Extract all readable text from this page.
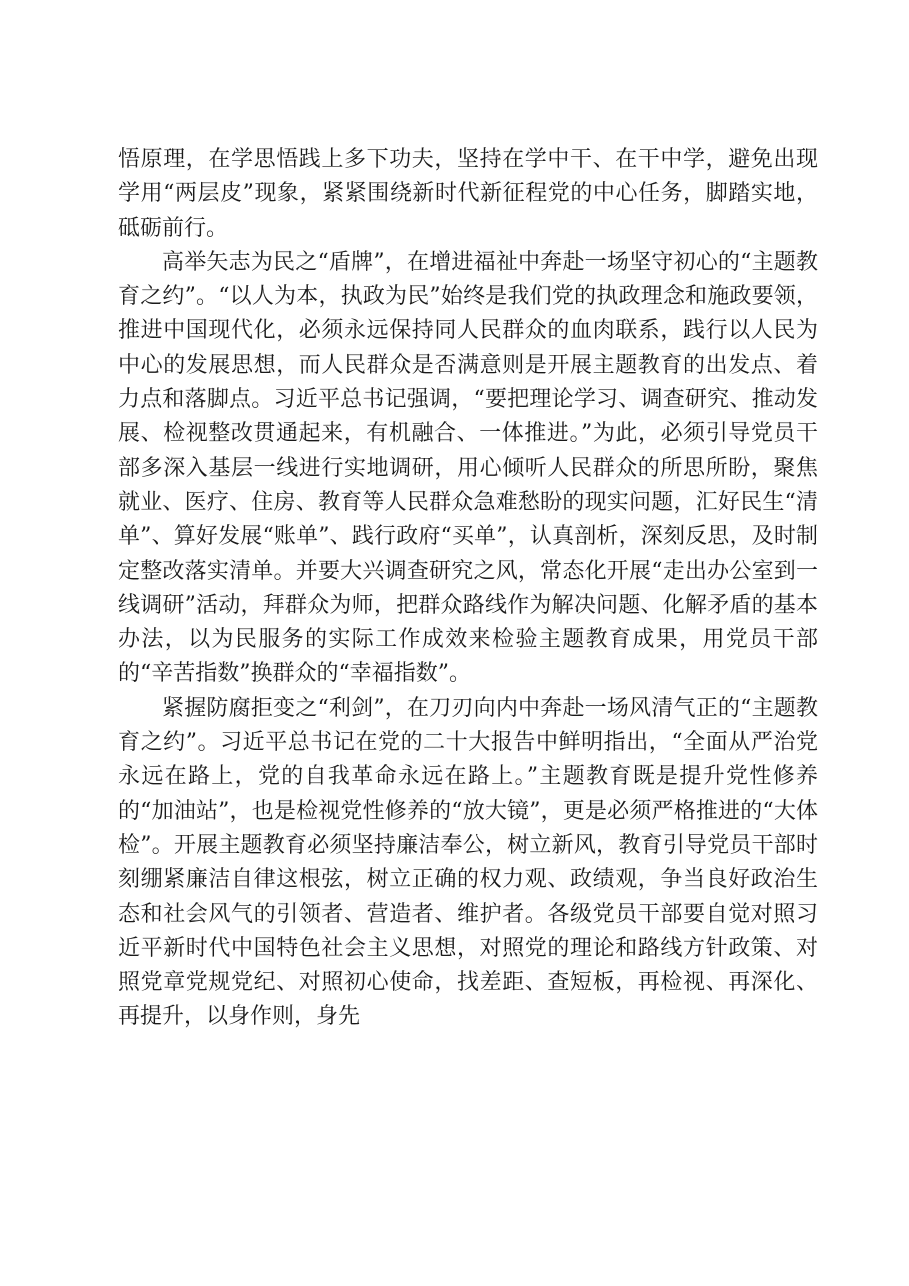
悟原理，在学思悟践上多下功夫，坚持在学中干、在干中学，避免出现学用“两层皮”现象，紧紧围绕新时代新征程党的中心任务，脚踏实地，砥砺前行。

高举矢志为民之“盾牌”，在增进福祉中奔赴一场坚守初心的“主题教育之约”。“以人为本，执政为民”始终是我们党的执政理念和施政要领，推进中国现代化，必须永远保持同人民群众的血肉联系，践行以人民为中心的发展思想，而人民群众是否满意则是开展主题教育的出发点、着力点和落脚点。习近平总书记强调，“要把理论学习、调查研究、推动发展、检视整改贯通起来，有机融合、一体推进。”为此，必须引导党员干部多深入基层一线进行实地调研，用心倾听人民群众的所思所盼，聚焦就业、医疗、住房、教育等人民群众急难愁盼的现实问题，汇好民生“清单”、算好发展“账单”、践行政府“买单”，认真剖析，深刻反思，及时制定整改落实清单。并要大兴调查研究之风，常态化开展“走出办公室到一线调研”活动，拜群众为师，把群众路线作为解决问题、化解矛盾的基本办法，以为民服务的实际工作成效来检验主题教育成果，用党员干部的“辛苦指数”换群众的“幸福指数”。

紧握防腐拒变之“利剑”，在刀刃向内中奔赴一场风清气正的“主题教育之约”。习近平总书记在党的二十大报告中鲜明指出，“全面从严治党永远在路上，党的自我革命永远在路上。”主题教育既是提升党性修养的“加油站”，也是检视党性修养的“放大镜”，更是必须严格推进的“大体检”。开展主题教育必须坚持廉洁奉公，树立新风，教育引导党员干部时刻绷紧廉洁自律这根弦，树立正确的权力观、政绩观，争当良好政治生态和社会风气的引领者、营造者、维护者。各级党员干部要自觉对照习近平新时代中国特色社会主义思想，对照党的理论和路线方针政策、对照党章党规党纪、对照初心使命，找差距、查短板，再检视、再深化、再提升，以身作则，身先
